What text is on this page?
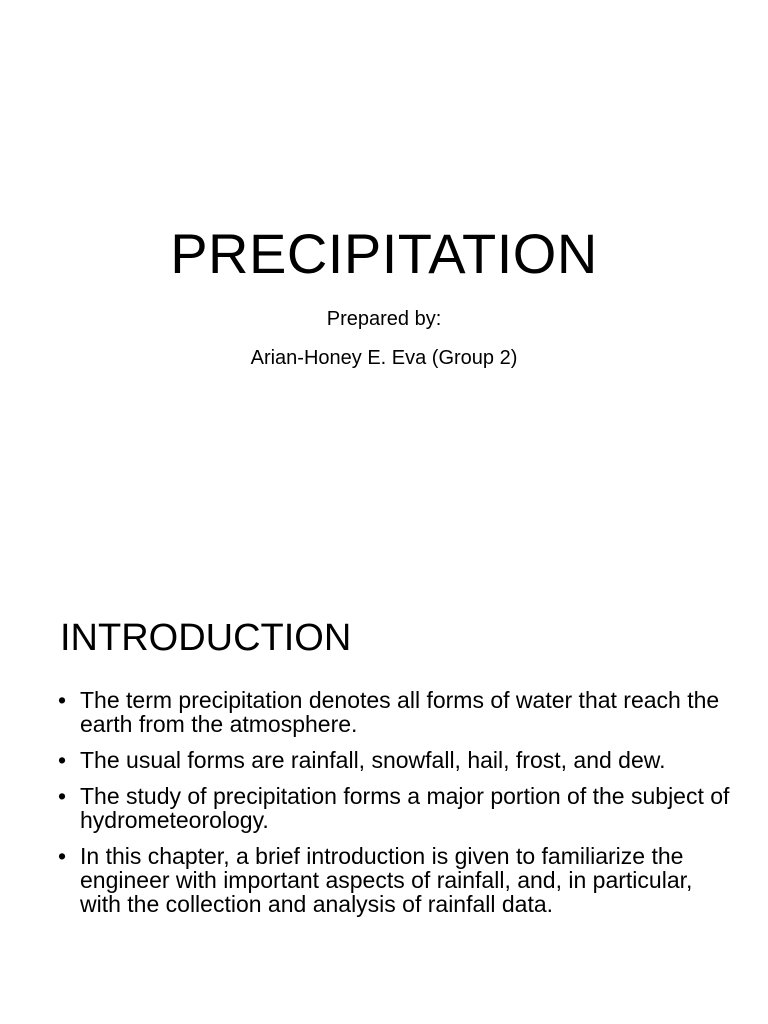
PRECIPITATION
Prepared by:
Arian-Honey E. Eva (Group 2)
INTRODUCTION
• The term precipitation denotes all forms of water that reach the earth from the atmosphere.
• The usual forms are rainfall, snowfall, hail, frost, and dew.
• The study of precipitation forms a major portion of the subject of hydrometeorology.
• In this chapter, a brief introduction is given to familiarize the engineer with important aspects of rainfall, and, in particular, with the collection and analysis of rainfall data.
